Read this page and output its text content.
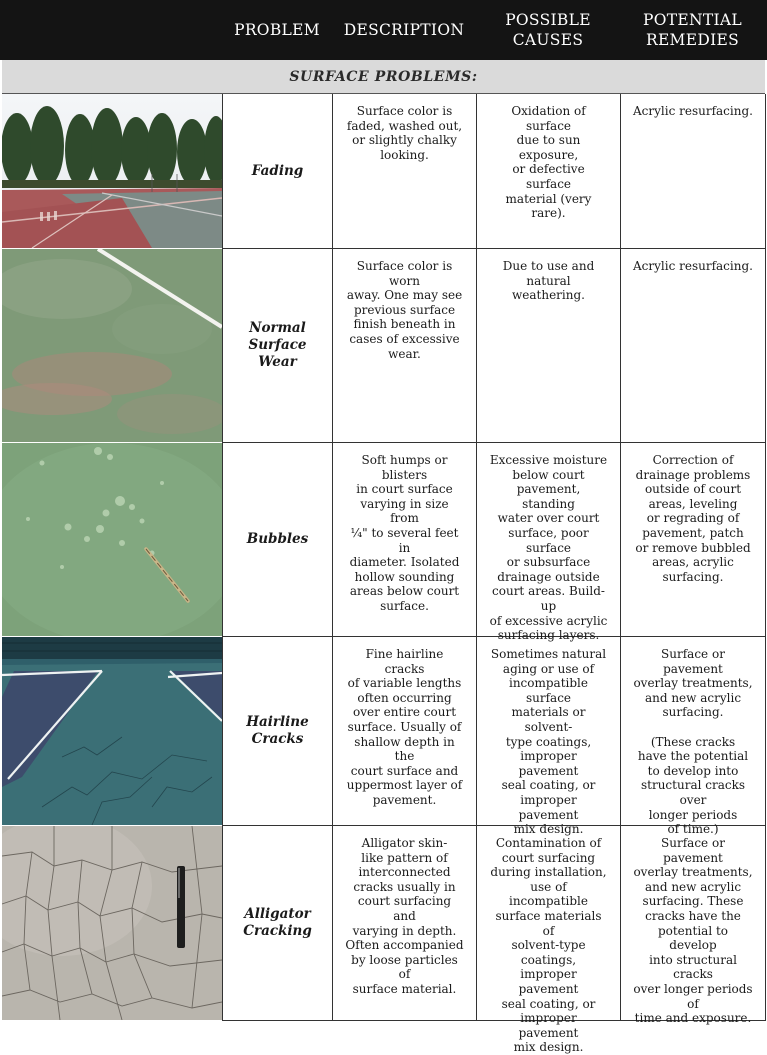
PROBLEM	DESCRIPTION
POSSIBLE
CAUSES
POTENTIAL
REMEDIES
SURFACE PROBLEMS:
Fading
Surface color is
faded, washed out,
or slightly chalky
looking.
Oxidation of surface
due to sun exposure,
or defective surface
material (very rare).
Acrylic resurfacing.
Normal
Surface
Wear
Surface color is worn
away. One may see
previous surface
finish beneath in
cases of excessive
wear.
Due to use and
natural weathering.
Acrylic resurfacing.
Bubbles
Soft humps or blisters
in court surface
varying in size from
¼" to several feet in
diameter. Isolated
hollow sounding
areas below court
surface.
Excessive moisture
below court
pavement, standing
water over court
surface, poor surface
or subsurface
drainage outside
court areas. Build-up
of excessive acrylic
surfacing layers.
Correction of
drainage problems
outside of court
areas, leveling
or regrading of
pavement, patch
or remove bubbled
areas, acrylic
surfacing.
Hairline
Cracks
Fine hairline cracks
of variable lengths
often occurring
over entire court
surface. Usually of
shallow depth in the
court surface and
uppermost layer of
pavement.
Sometimes natural
aging or use of
incompatible surface
materials or solvent-
type coatings,
improper pavement
seal coating, or
improper pavement
mix design.
Surface or pavement
overlay treatments,
and new acrylic
surfacing.

(These cracks
have the potential
to develop into
structural cracks over
longer periods
of time.)
Alligator
Cracking
Alligator skin-
like pattern of
interconnected
cracks usually in
court surfacing and
varying in depth.
Often accompanied
by loose particles of
surface material.
Contamination of
court surfacing
during installation,
use of incompatible
surface materials of
solvent-type coatings,
improper pavement
seal coating, or
improper pavement
mix design.
Surface or pavement
overlay treatments,
and new acrylic
surfacing. These
cracks have the
potential to develop
into structural cracks
over longer periods of
time and exposure.
